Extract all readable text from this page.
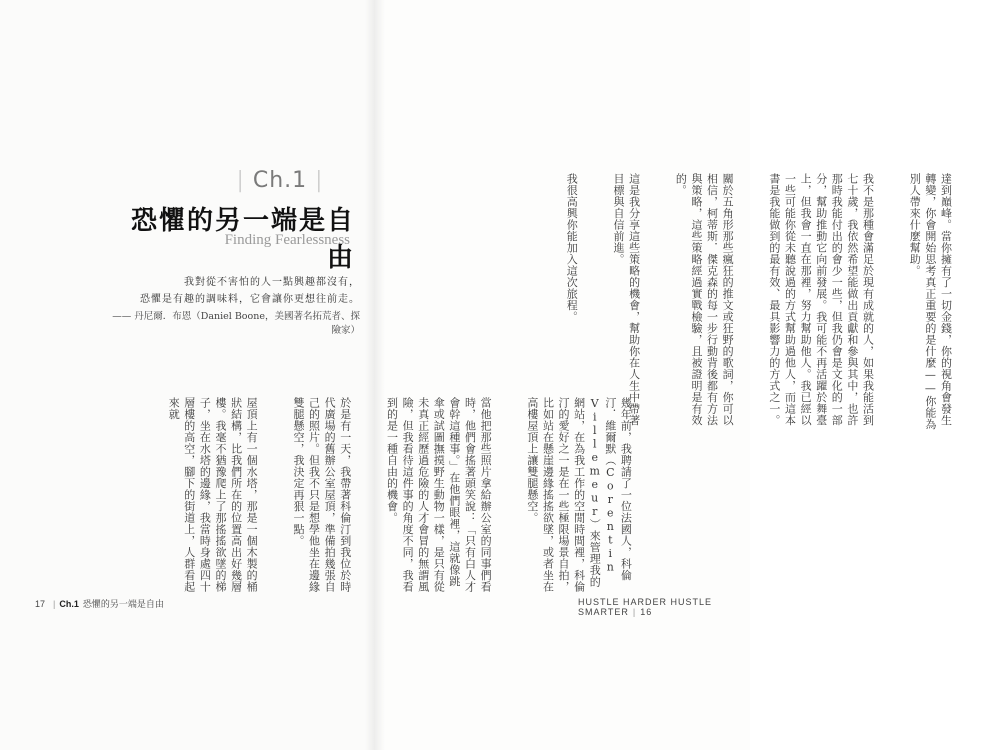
達到巔峰。當你擁有了一切金錢，你的視角會發生轉變，你會開始思考真正重要的是什麼——你能為別人帶來什麼幫助。

我不是那種會滿足於現有成就的人，如果我能活到七十歲，我依然希望能做出貢獻和參與其中，也許那時我能付出的會少一些，但我仍會是文化的一部分，幫助推動它向前發展。我可能不再活躍於舞臺上，但我會一直在那裡，努力幫助他人。我已經以一些可能你從未聽說過的方式幫助過他人，而這本書是我能做到的最有效、最具影響力的方式之一。

關於五角形那些瘋狂的推文或狂野的歌詞，你可以相信，柯蒂斯．傑克森的每一步行動背後都有方法與策略，這些策略經過實戰檢驗，且被證明是有效的。

這是我分享這些策略的機會，幫助你在人生中帶著目標與自信前進。

我很高興你能加入這次旅程。

| Ch.1 |
恐懼的另一端是自由
Finding Fearlessness
我對從不害怕的人一點興趣都沒有，
恐懼是有趣的調味料，它會讓你更想往前走。
—— 丹尼爾．布恩（Daniel Boone，美國著名拓荒者、探險家）

幾年前，我聘請了一位法國人，科倫汀．維爾默（Corentin Villemeur）來管理我的網站，在為我工作的空閒時間裡，科倫汀的愛好之一是在一些極限場景自拍，比如站在懸崖邊緣搖搖欲墜，或者坐在高樓屋頂上讓雙腿懸空。

當他把那些照片拿給辦公室的同事們看時，他們會搖著頭笑說：「只有白人才會幹這種事。」在他們眼裡，這就像跳傘或試圖撫摸野生動物一樣，是只有從未真正經歷過危險的人才會冒的無謂風險，但我看待這件事的角度不同，我看到的是一種自由的機會。

於是有一天，我帶著科倫汀到我位於時代廣場的舊辦公室屋頂，準備拍幾張自己的照片。但我不只是想學他坐在邊緣雙腿懸空，我決定再狠一點。

屋頂上有一個水塔，那是一個木製的桶狀結構，比我們所在的位置高出好幾層樓。我毫不猶豫爬上了那搖搖欲墜的梯子，坐在水塔的邊緣，我當時身處四十層樓的高空，腳下的街道上，人群看起來就

17 | Ch.1 恐懼的另一端是自由	HUSTLE HARDER HUSTLE SMARTER | 16
